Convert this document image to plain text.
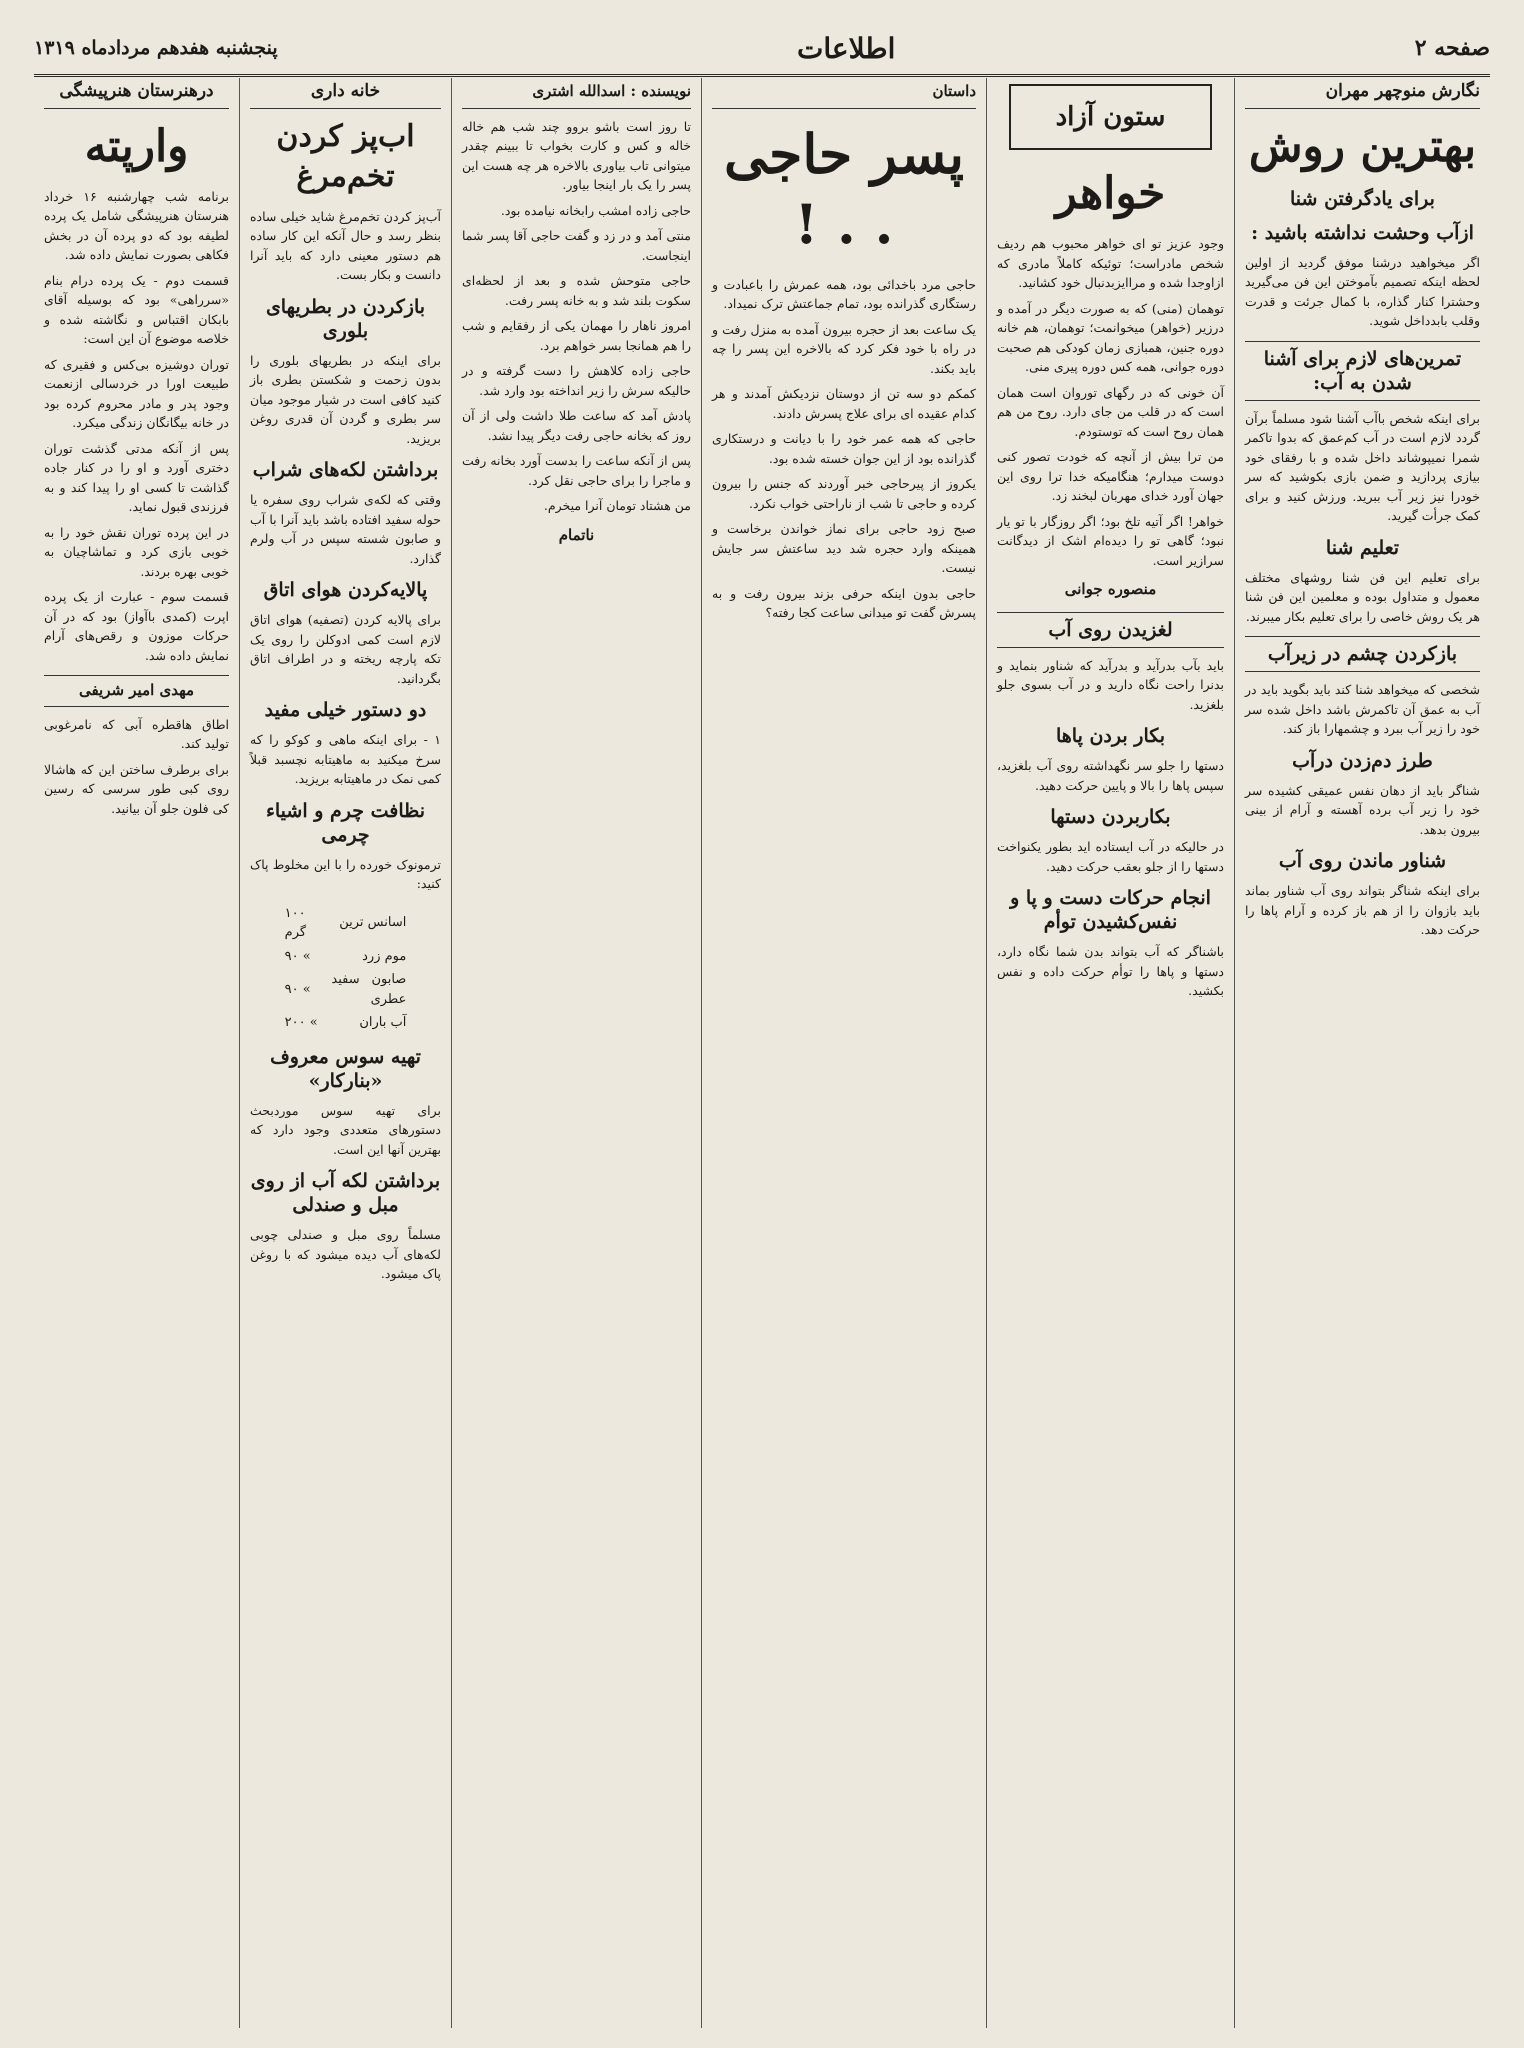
صفحه ۲
اطلاعات
پنجشنبه هفدهم مردادماه ۱۳۱۹
نگارش منوچهر مهران
بهترین روش
برای یادگرفتن شنا
ازآب وحشت نداشته باشید :

اگر میخواهید درشنا موفق گردید از اولین لحظه اینکه تصمیم بآموختن این فن می‌گیرید وحشترا کنار گذاره، با کمال جرئت و قدرت وقلب بابدداخل شوید.

تمرین‌های لازم برای آشنا شدن به آب:

برای اینکه شخص باآب آشنا شود مسلماً برآن گردد لازم است در آب کم‌عمق که بدوا تاکمر شمرا نمیپوشاند داخل شده و با رفقای خود بیازی پردازید و ضمن بازی بکوشید که سر خودرا نیز زیر آب ببرید. ورزش کنید و برای کمک جرأت گیرید.

تعلیم شنا

برای تعلیم این فن شنا روشهای مختلف معمول و متداول بوده و معلمین این فن شنا هر یک روش خاصی را برای تعلیم بکار میبرند.

بازکردن چشم در زیرآب

شخصی که میخواهد شنا کند باید بگوید باید در آب به عمق آن تاکمرش باشد داخل شده سر خود را زیر آب ببرد و چشمهارا باز کند.

طرز دم‌زدن درآب

شناگر باید از دهان نفس عمیقی کشیده سر خود را زیر آب برده آهسته و آرام از بینی بیرون بدهد.

شناور ماندن روی آب

برای اینکه شناگر بتواند روی آب شناور بماند باید بازوان را از هم باز کرده و آرام پاها را حرکت دهد.

ستون آزاد
خواهر

وجود عزیز تو ای خواهر محبوب هم ردیف شخص مادراست؛ توئیکه کاملاً مادری که ازاوجدا شده و مراایزبدنبال خود کشانید.

توهمان (منی) که به صورت دیگر در آمده و درزیر (خواهر) میخوانمت؛ توهمان، هم خانه دوره جنین، همبازی زمان کودکی هم صحبت دوره جوانی، همه کس دوره پیری منی.

آن خونی که در رگهای توروان است همان است که در قلب من جای دارد. روح من هم همان روح است که توستودم.

من ترا بیش از آنچه که خودت تصور کنی دوست میدارم؛ هنگامیکه خدا ترا روی این جهان آورد خدای مهربان لبخند زد.

خواهر! اگر آتیه تلخ بود؛ اگر روزگار با تو یار نبود؛ گاهی تو را دیده‌ام اشک از دیدگانت سرازیر است.

منصوره جوانی
لغزیدن روی آب

باید بآب بدرآید و بدرآید که شناور بنماید و بدنرا راحت نگاه دارید و در آب بسوی جلو بلغزید.

بکار بردن پاها

دستها را جلو سر نگهداشته روی آب بلغزید، سپس پاها را بالا و پایین حرکت دهید.

بکاربردن دستها

در حالیکه در آب ایستاده اید بطور یکنواخت دستها را از جلو بعقب حرکت دهید.

انجام حرکات دست و پا و نفس‌کشیدن توأم

باشناگر که آب بتواند بدن شما نگاه دارد، دستها و پاها را توأم حرکت داده و نفس بکشید.

داستان
پسر حاجی . . !

حاجی مرد باخدائی بود، همه عمرش را باعبادت و رستگاری گذرانده بود، تمام جماعتش ترک نمیداد.

یک ساعت بعد از حجره بیرون آمده به منزل رفت و در راه با خود فکر کرد که بالاخره این پسر را چه باید بکند.

کمکم دو سه تن از دوستان نزدیکش آمدند و هر کدام عقیده ای برای علاج پسرش دادند.

حاجی که همه عمر خود را با دیانت و درستکاری گذرانده بود از این جوان خسته شده بود.

یکروز از پیرحاجی خبر آوردند که جنس را بیرون کرده و حاجی تا شب از ناراحتی خواب نکرد.

صبح زود حاجی برای نماز خواندن برخاست و همینکه وارد حجره شد دید ساعتش سر جایش نیست.

حاجی بدون اینکه حرفی بزند بیرون رفت و به پسرش گفت تو میدانی ساعت کجا رفته؟

نویسنده : اسدالله اشتری

تا روز است باشو بروو چند شب هم خاله خاله و کس و کارت بخواب تا ببینم چقدر میتوانی تاب بیاوری بالاخره هر چه هست این پسر را یک بار اینجا بیاور.

حاجی زاده امشب رابخانه نیامده بود.

منتی آمد و در زد و گفت حاجی آقا پسر شما اینجاست.

حاجی متوحش شده و بعد از لحظه‌ای سکوت بلند شد و به خانه پسر رفت.

امروز ناهار را مهمان یکی از رفقایم و شب را هم همانجا بسر خواهم برد.

حاجی زاده کلاهش را دست گرفته و در حالیکه سرش را زیر انداخته بود وارد شد.

پادش آمد که ساعت طلا داشت ولی از آن روز که بخانه حاجی رفت دیگر پیدا نشد.

پس از آنکه ساعت را بدست آورد بخانه رفت و ماجرا را برای حاجی نقل کرد.

من هشتاد تومان آنرا میخرم.

ناتمام
خانه داری
اب‌پز کردن تخم‌مرغ

آب‌پز کردن تخم‌مرغ شاید خیلی ساده بنظر رسد و حال آنکه این کار ساده هم دستور معینی دارد که باید آنرا دانست و بکار بست.

بازکردن در بطریهای بلوری

برای اینکه در بطریهای بلوری را بدون زحمت و شکستن بطری باز کنید کافی است در شیار موجود میان سر بطری و گردن آن قدری روغن بریزید.

برداشتن لکه‌های شراب

وقتی که لکه‌ی شراب روی سفره یا حوله سفید افتاده باشد باید آنرا با آب و صابون شسته سپس در آب ولرم گذارد.

پالایه‌کردن هوای اتاق

برای پالایه کردن (تصفیه) هوای اتاق لازم است کمی ادوکلن را روی یک تکه پارچه ریخته و در اطراف اتاق بگردانید.

دو دستور خیلی مفید

۱ - برای اینکه ماهی و کوکو را که سرخ میکنید به ماهیتابه نچسبد قبلاً کمی نمک در ماهیتابه بریزید.

نظافت چرم و اشیاء چرمی

ترمونوک خورده را با این مخلوط پاک کنید:

اسانس ترین	۱۰۰ گرم
موم زرد	۹۰ «
صابون سفید عطری	۹۰ «
آب باران	۲۰۰ «
تهیه سوس معروف «بنارکار»

برای تهیه سوس موردبحث دستورهای متعددی وجود دارد که بهترین آنها این است.

برداشتن لکه آب از روی مبل و صندلی

مسلماً روی مبل و صندلی چوبی لکه‌های آب دیده میشود که با روغن پاک میشود.

درهنرستان هنرپیشگی
وارپته

برنامه شب چهارشنبه ۱۶ خرداد هنرستان هنرپیشگی شامل یک پرده لطیفه بود که دو پرده آن در بخش فکاهی بصورت نمایش داده شد.

قسمت دوم - یک پرده درام بنام «سرراهی» بود که بوسیله آقای بابکان اقتباس و نگاشته شده و خلاصه موضوع آن این است:

توران دوشیزه بی‌کس و فقیری که طبیعت اورا در خردسالی ازنعمت وجود پدر و مادر محروم کرده بود در خانه بیگانگان زندگی میکرد.

پس از آنکه مدتی گذشت توران دختری آورد و او را در کنار جاده گذاشت تا کسی او را پیدا کند و به فرزندی قبول نماید.

در این پرده توران نقش خود را به خوبی بازی کرد و تماشاچیان به خوبی بهره بردند.

قسمت سوم - عبارت از یک پرده اپرت (کمدی باآواز) بود که در آن حرکات موزون و رقص‌های آرام نمایش داده شد.

مهدی امیر شریفی

اطاق هاقطره آبی که نامرغوبی تولید کند.

برای برطرف ساختن این که هاشالا روی کبی طور سرسی که رسین کی فلون جلو آن بیانید.
